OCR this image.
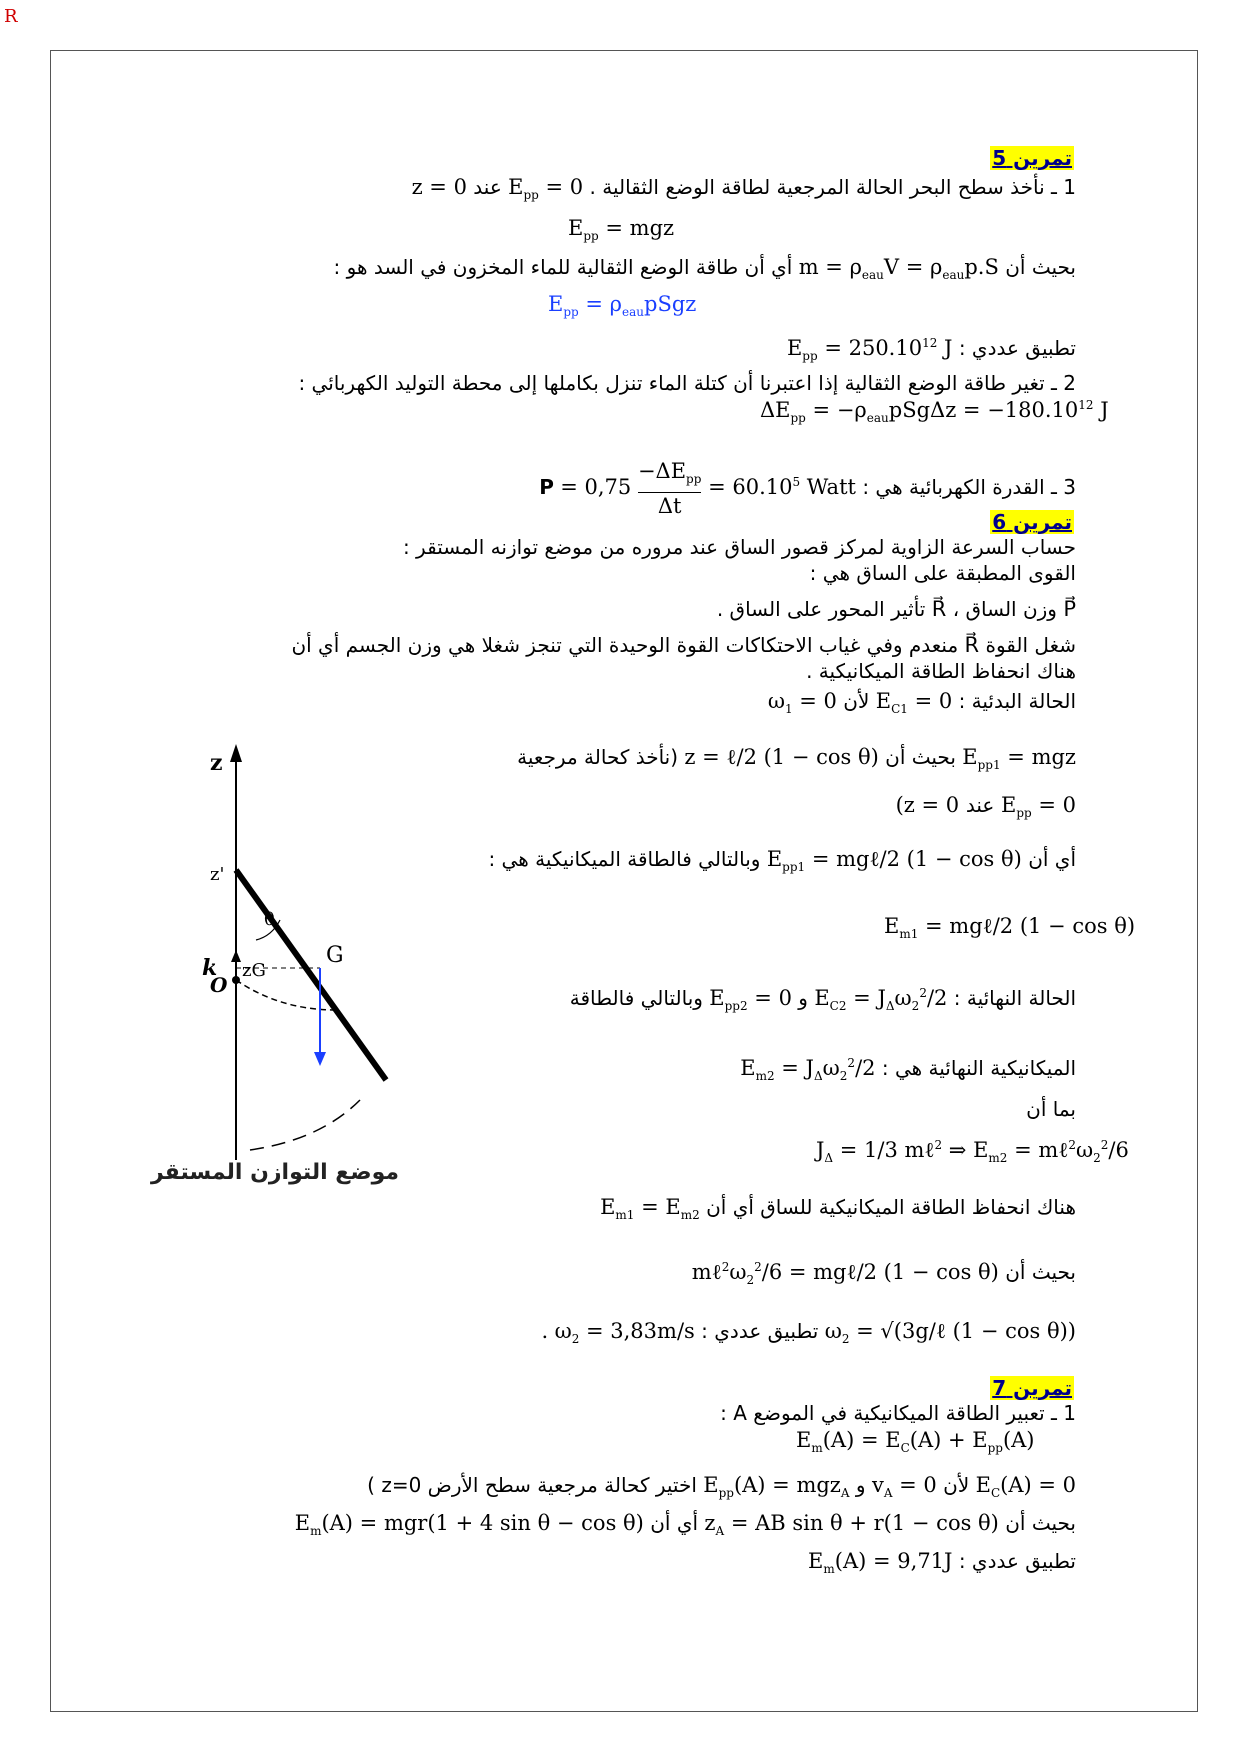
R
تمرين 5
1 ـ نأخذ سطح البحر الحالة المرجعية لطاقة الوضع الثقالية . $E_{pp} = 0$ عند z = 0
$E_{pp}$ = mgz
بحيث أن $m = \rho_{eau}V = \rho_{eau}p.S$ أي أن طاقة الوضع الثقالية للماء المخزون في السد هو :
$E_{pp}$ = $\rho_{eau}pSgz$
تطبيق عددي : $E_{pp} = 250.10^{12}$ J
2 ـ تغير طاقة الوضع الثقالية إذا اعتبرنا أن كتلة الماء تنزل بكاملها إلى محطة التوليد الكهربائي :
$\Delta E_{pp} = -\rho_{eau}pSg\Delta z = -180.10^{12}$ J
3 ـ القدرة الكهربائية هي : = 0,75
$-\Delta E_{pp}$
Δt
= $60.10^5$ Watt P
تمرين 6
حساب السرعة الزاوية لمركز قصور الساق عند مروره من موضع توازنه المستقر :
القوى المطبقة على الساق هي :
P⃗ وزن الساق ، R⃗ تأثير المحور على الساق .
شغل القوة R⃗ منعدم وفي غياب الاحتكاكات القوة الوحيدة التي تنجز شغلا هي وزن الجسم أي أن
هناك انحفاظ الطاقة الميكانيكية .
الحالة البدئية : $E_{C1} = 0$ لأن $\omega_1 = 0$
$E_{pp1}$ = mgz بحيث أن z = ℓ/2 (1 − cos θ) (نأخذ كحالة مرجعية
(z = 0 عند $E_{pp} = 0$
أي أن $E_{pp1}$ = mgℓ/2 (1 − cos θ) وبالتالي فالطاقة الميكانيكية هي :
$E_{m1}$ = mgℓ/2 (1 − cos θ)
الحالة النهائية : $E_{C2} = J_\Delta\omega_2^2/2$ و $E_{pp2} = 0$ وبالتالي فالطاقة
الميكانيكية النهائية هي : $E_{m2} = J_\Delta\omega_2^2/2$
بما أن
$J_\Delta = 1/3$ mℓ$^2$ ⇒ $E_{m2}$ = $m\ell^2\omega_2^2/6$
هناك انحفاظ الطاقة الميكانيكية للساق أي أن $E_{m1} = E_{m2}$
بحيث أن $m\ell^2\omega_2^2/6$ = mgℓ/2 (1 − cos θ)
$\omega_2$ = √(3g/ℓ (1 − cos θ)) تطبيق عددي : $\omega_2 = 3,83m/s$ .
z
z'
k zG
G
O
θ
موضع التوازن المستقر
تمرين 7
1 ـ تعبير الطاقة الميكانيكية في الموضع A :
$E_m(A) = E_C(A) + E_{pp}(A)$
$E_C(A) = 0$ لأن $v_A = 0$ و $E_{pp}(A) = mgz_A$ اختير كحالة مرجعية سطح الأرض z=0 )
بحيث أن $z_A$ = AB sin θ + r(1 − cos θ) أي أن $E_m(A) = mgr(1 + 4$ sin θ − cos θ)
تطبيق عددي : $E_m(A) = 9,71J$
